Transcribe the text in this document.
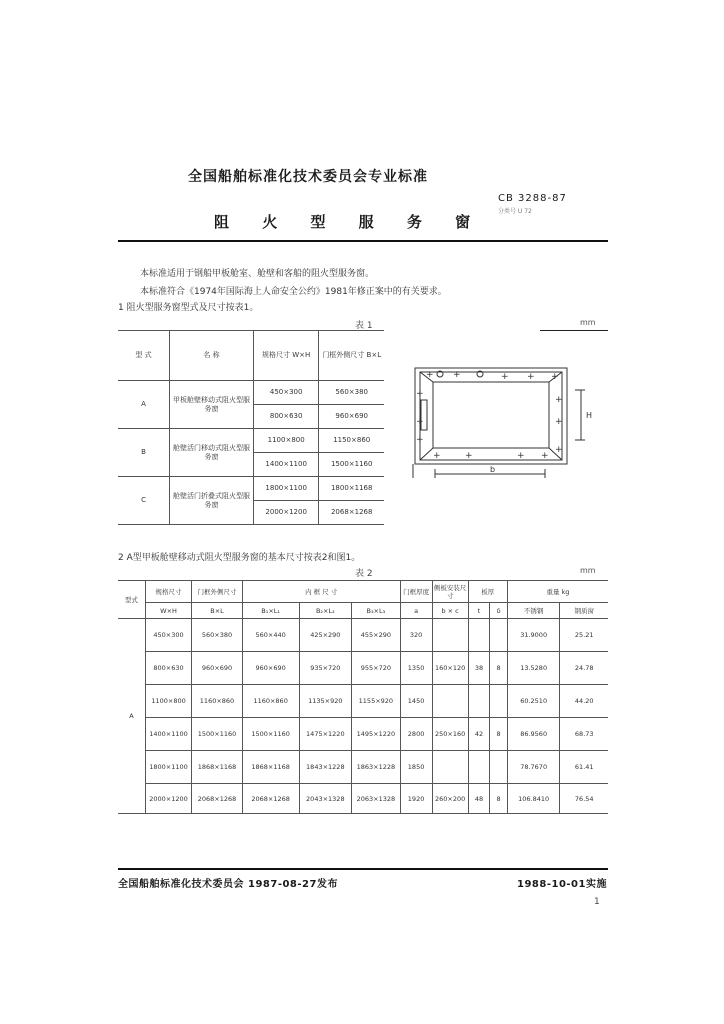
全国船舶标准化技术委员会专业标准
CB 3288-87
分类号 U 72
阻 火 型 服 务 窗
本标准适用于钢船甲板舱室、舱壁和客船的阻火型服务窗。
本标准符合《1974年国际海上人命安全公约》1981年修正案中的有关要求。
1 阻火型服务窗型式及尺寸按表1。
表 1	mm
型 式	名 称	规格尺寸 W×H	门框外侧尺寸 B×L
A	甲板舱壁移动式阻火型服务窗	450×300	560×380
		800×630	960×690
B	舱壁活门移动式阻火型服务窗	1100×800	1150×860
		1400×1100	1500×1160
C	舱壁活门折叠式阻火型服务窗	1800×1100	1800×1168
		2000×1200	2068×1268
+ +	+ + +
+
+
+
+
+
+
+	+	+ +
b
H
2 A型甲板舱壁移动式阻火型服务窗的基本尺寸按表2和图1。
表 2	mm
型式	规格尺寸	门框外侧尺寸	内 框 尺 寸			门框厚度	侧板安装尺寸	板厚		重量 kg	
	W×H	B×L	B₁×L₁	B₂×L₂	B₃×L₃	a	b × c	t	δ	不锈钢	钢质窗
A	450×300	560×380	560×440	425×290	455×290	320				31.9000	25.21
	800×630	960×690	960×690	935×720	955×720	1350	160×120	38	8	13.5280	24.78
	1100×800	1160×860	1160×860	1135×920	1155×920	1450				60.2510	44.20
	1400×1100	1500×1160	1500×1160	1475×1220	1495×1220	2800	250×160	42	8	86.9560	68.73
	1800×1100	1868×1168	1868×1168	1843×1228	1863×1228	1850				78.7670	61.41
	2000×1200	2068×1268	2068×1268	2043×1328	2063×1328	1920	260×200	48	8	106.8410	76.54
全国船舶标准化技术委员会 1987-08-27发布	1988-10-01实施
1
